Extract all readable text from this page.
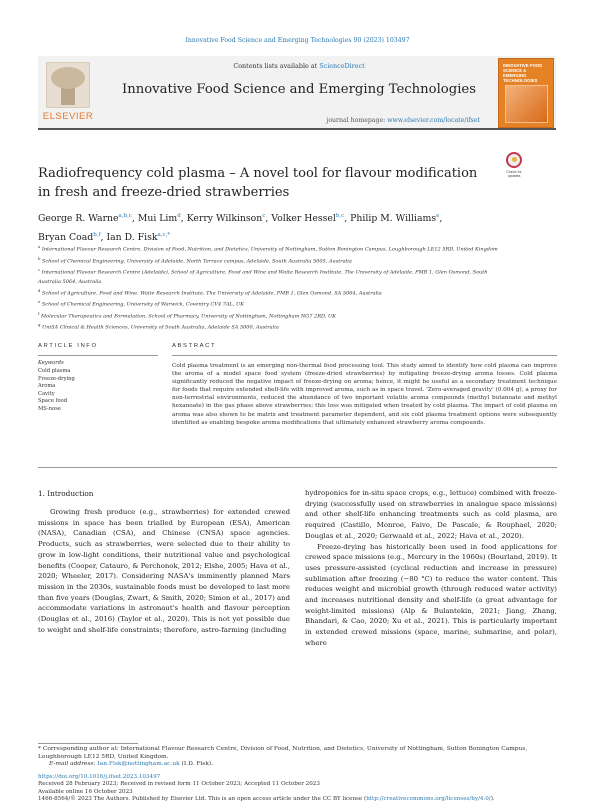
Innovative Food Science and Emerging Technologies 90 (2023) 103497
ELSEVIER
Contents lists available at ScienceDirect
Innovative Food Science and Emerging Technologies
journal homepage: www.elsevier.com/locate/ifset
INNOVATIVE FOOD SCIENCE & EMERGING TECHNOLOGIES
Radiofrequency cold plasma – A novel tool for flavour modification in fresh and freeze-dried strawberries
Check for updates
George R. Warne$^{a,b,c}$, Mui Lim$^d$, Kerry Wilkinson$^c$, Volker Hessel$^{b,c}$, Philip M. Williams$^e$,
Bryan Coad$^{b,f}$, Ian D. Fisk$^{a,c,*}$
$^a$ International Flavour Research Centre, Division of Food, Nutrition, and Dietetics, University of Nottingham, Sutton Bonington Campus, Loughborough LE12 5RD, United Kingdom
$^b$ School of Chemical Engineering, University of Adelaide, North Terrace campus, Adelaide, South Australia 5005, Australia
$^c$ International Flavour Research Centre (Adelaide), School of Agriculture, Food and Wine and Waite Research Institute, The University of Adelaide, PMB 1, Glen Osmond, South Australia 5064, Australia
$^d$ School of Agriculture, Food and Wine, Waite Research Institute, The University of Adelaide, PMB 1, Glen Osmond, SA 5064, Australia
$^e$ School of Chemical Engineering, University of Warwick, Coventry CV4 7AL, UK
$^f$ Molecular Therapeutics and Formulation, School of Pharmacy, University of Nottingham, Nottingham NG7 2RD, UK
$^g$ UniSA Clinical & Health Sciences, University of South Australia, Adelaide SA 5000, Australia
ARTICLE INFO
Keywords
Cold plasma
Freeze-drying
Aroma
Cavity
Space food
MS-nose
ABSTRACT
Cold plasma treatment is an emerging non-thermal food processing tool. This study aimed to identify how cold plasma can improve the aroma of a model space food system (freeze-dried strawberries) by mitigating freeze-drying aroma losses. Cold plasma significantly reduced the negative impact of freeze-drying on aroma; hence, it might be useful as a secondary treatment technique for foods that require extended shelf-life with improved aroma, such as in space travel. 'Zero-averaged gravity' (0.004 g), a proxy for non-terrestrial environments, reduced the abundance of two important volatile aroma compounds (methyl butanoate and methyl hexanoate) in the gas phase above strawberries; this loss was mitigated when treated by cold plasma. The impact of cold plasma on aroma was also shown to be matrix and treatment parameter dependent, and six cold plasma treatment options were subsequently identified as enabling bespoke aroma modifications that ultimately enhanced strawberry aroma compounds.
1. Introduction

Growing fresh produce (e.g., strawberries) for extended crewed missions in space has been trialled by European (ESA), American (NASA), Canadian (CSA), and Chinese (CNSA) space agencies. Products, such as strawberries, were selected due to their ability to grow in low-light conditions, their nutritional value and psychological benefits (Cooper, Catauro, & Perchonok, 2012; Elshe, 2005; Hava et al., 2020; Wheeler, 2017). Considering NASA's imminently planned Mars mission in the 2030s, sustainable foods must be developed to last more than five years (Douglas, Zwart, & Smith, 2020; Simon et al., 2017) and accommodate variations in astronaut's health and flavour perception (Douglas et al., 2016) (Taylor et al., 2020). This is not yet possible due to weight and shelf-life constraints; therefore, astro-farming (including

hydroponics for in-situ space crops, e.g., lettuce) combined with freeze-drying (successfully used on strawberries in analogue space missions) and other shelf-life enhancing treatments such as cold plasma, are required (Castillo, Monroe, Faivo, De Pascale, & Rouphael, 2020; Douglas et al., 2020; Gerwaald et al., 2022; Hava et al., 2020).

Freeze-drying has historically been used in food applications for crewed space missions (e.g., Mercury in the 1960s) (Bourland, 2019). It uses pressure-assisted (cyclical reduction and increase in pressure) sublimation after freezing (−80 °C) to reduce the water content. This reduces weight and microbial growth (through reduced water activity) and increases nutritional density and shelf-life (a great advantage for weight-limited missions) (Alp & Bulantekin, 2021; Jiang, Zhang, Bhandari, & Cao, 2020; Xu et al., 2021). This is particularly important in extended crewed missions (space, marine, submarine, and polar), where

* Corresponding author at: International Flavour Research Centre, Division of Food, Nutrition, and Dietetics, University of Nottingham, Sutton Bonington Campus, Loughborough LE12 5RD, United Kingdom.
E-mail address: Ian.Fisk@nottingham.ac.uk (I.D. Fisk).
https://doi.org/10.1016/j.ifset.2023.103497
Received 28 February 2023; Received in revised form 11 October 2023; Accepted 11 October 2023
Available online 16 October 2023
1466-8564/© 2023 The Authors. Published by Elsevier Ltd. This is an open access article under the CC BY license (http://creativecommons.org/licenses/by/4.0/).
